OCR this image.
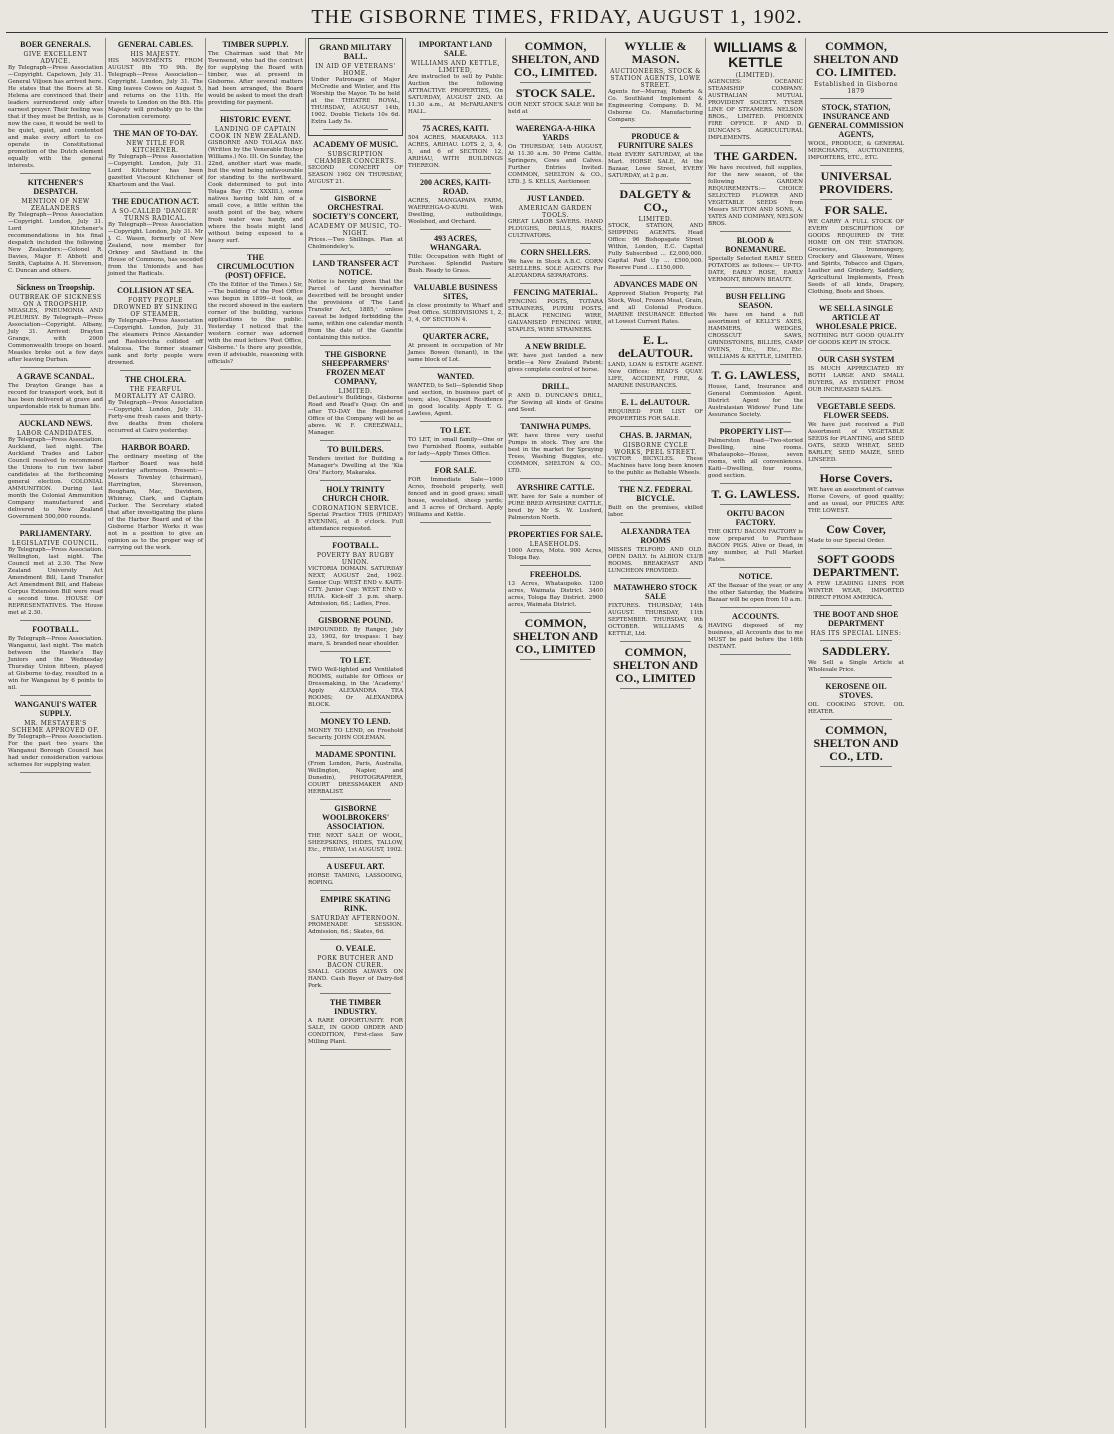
THE GISBORNE TIMES, FRIDAY, AUGUST 1, 1902.
BOER GENERALS.
GIVE EXCELLENT ADVICE.
By Telegraph—Press Association—Copyright. Capetown, July 31. General Viljoen has arrived here. He states that the Boers at St. Helena are convinced that their leaders surrendered only after earnest prayer. Their feeling was that if they must be British, as is now the case, it would be well to be quiet, quiet, and contented and make every effort to co-operate in Constitutional promotion of the Dutch element equally with the general interests.
KITCHENER'S DESPATCH.
MENTION OF NEW ZEALANDERS
By Telegraph—Press Association—Copyright. London, July 31. Lord Kitchener's recommendations in his final despatch included the following New Zealanders:—Colonel R. Davies, Major F. Abbott and Smith, Captains A. H. Stevenson, C. Duncan and others.
Sickness on Troopship.
OUTBREAK OF SICKNESS ON A TROOPSHIP.
MEASLES, PNEUMONIA AND PLEURISY. By Telegraph—Press Association—Copyright. Albany, July 31. Arrived: Drayton Grange, with 2000 Commonwealth troops on board. Measles broke out a few days after leaving Durban.
A GRAVE SCANDAL.
The Drayton Grange has a record for transport work, but it has been delivered at grave and unpardonable risk to human life.
AUCKLAND NEWS.
LABOR CANDIDATES.
By Telegraph—Press Association. Auckland, last night. The Auckland Trades and Labor Council resolved to recommend the Unions to run two labor candidates at the forthcoming general election. COLONIAL AMMUNITION. During last month the Colonial Ammunition Company manufactured and delivered to New Zealand Government 500,000 rounds.
PARLIAMENTARY.
LEGISLATIVE COUNCIL.
By Telegraph—Press Association. Wellington, last night. The Council met at 2.30. The New Zealand University Act Amendment Bill, Land Transfer Act Amendment Bill, and Habeas Corpus Extension Bill were read a second time. HOUSE OF REPRESENTATIVES. The House met at 2.30.
FOOTBALL.
By Telegraph—Press Association. Wanganui, last night. The match between the Hawke's Bay Juniors and the Wednesday Thursday Union fifteen, played at Gisborne to-day, resulted in a win for Wanganui by 6 points to nil.
WANGANUI'S WATER SUPPLY.
MR. MESTAYER'S SCHEME APPROVED OF.
By Telegraph—Press Association. For the past two years the Wanganui Borough Council has had under consideration various schemes for supplying water.
GENERAL CABLES.
HIS MAJESTY.
HIS MOVEMENTS FROM AUGUST 8th TO 9th. By Telegraph—Press Association—Copyright. London, July 31. The King leaves Cowes on August 5, and returns on the 11th. He travels to London on the 8th. His Majesty will probably go to the Coronation ceremony.
THE MAN OF TO-DAY.
NEW TITLE FOR KITCHENER.
By Telegraph—Press Association—Copyright. London, July 31. Lord Kitchener has been gazetted Viscount Kitchener of Khartoum and the Vaal.
THE EDUCATION ACT.
A SO-CALLED 'DANGER' TURNS RADICAL.
By Telegraph—Press Association—Copyright. London, July 31. Mr J. C. Wason, formerly of New Zealand, now member for Orkney and Shetland in the House of Commons, has seceded from the Unionists and has joined the Radicals.
COLLISION AT SEA.
FORTY PEOPLE DROWNED BY SINKING OF STEAMER.
By Telegraph—Press Association—Copyright. London, July 31. The steamers Prince Alexander and Rashiovicha collided off Malcesa. The former steamer sank and forty people were drowned.
THE CHOLERA.
THE FEARFUL MORTALITY AT CAIRO.
By Telegraph—Press Association—Copyright. London, July 31. Forty-one fresh cases and thirty-five deaths from cholera occurred at Cairo yesterday.
HARBOR BOARD.
The ordinary meeting of the Harbor Board was held yesterday afternoon. Present:—Messrs Townley (chairman), Harrington, Stevenson, Bougham, Mac, Davidson, Whinray, Clark, and Captain Tucker. The Secretary stated that after investigating the plans of the Harbor Board and of the Gisborne Harbor Works it was not in a position to give an opinion as to the proper way of carrying out the work.
TIMBER SUPPLY.
The Chairman said that Mr Townsend, who had the contract for supplying the Board with timber, was at present in Gisborne. After several matters had been arranged, the Board would be asked to meet the draft providing for payment.
HISTORIC EVENT.
LANDING OF CAPTAIN COOK IN NEW ZEALAND.
GISBORNE AND TOLAGA BAY. (Written by the Venerable Bishop Williams.) No. III. On Sunday, the 22nd, another start was made, but the wind being unfavourable for standing to the northward, Cook determined to put into Tolaga Bay (Tr. XXXIII.), some natives having told him of a small cove, a little within the south point of the bay, where fresh water was handy, and where the boats might land without being exposed to a heavy surf.
THE CIRCUMLOCUTION (POST) OFFICE.
(To the Editor of the Times.) Sir,—The building of the Post Office was begun in 1899—it took, as the record showed in the eastern corner of the building, various applications to the public. Yesterday I noticed that the western corner was adorned with the mud letters 'Post Office, Gisborne.' Is there any possible, even if advisable, reasoning with officials?
GRAND MILITARY BALL.
IN AID OF VETERANS' HOME.
Under Patronage of Major McCredie and Winter, and His Worship the Mayor. To be held at the THEATRE ROYAL, THURSDAY, AUGUST 14th, 1902. Double Tickets 10s 6d. Extra Lady 5s.
ACADEMY OF MUSIC.
SUBSCRIPTION CHAMBER CONCERTS.
SECOND CONCERT OF SEASON 1902 ON THURSDAY, AUGUST 21.
GISBORNE ORCHESTRAL SOCIETY'S CONCERT,
ACADEMY OF MUSIC, TO-NIGHT.
Prices.—Two Shillings. Plan at Cholmondeley's.
LAND TRANSFER ACT NOTICE.
Notice is hereby given that the Parcel of Land hereinafter described will be brought under the provisions of 'The Land Transfer Act, 1885,' unless caveat be lodged forbidding the same, within one calendar month from the date of the Gazette containing this notice.
THE GISBORNE SHEEPFARMERS' FROZEN MEAT COMPANY,
LIMITED.
DeLautour's Buildings, Gisborne Road and Read's Quay. On and after TO-DAY the Registered Office of the Company will be as above. W. F. CREEZWALL, Manager.
TO BUILDERS.
Tenders invited for Building a Manager's Dwelling at the 'Kia Ora' Factory, Makaraka.
HOLY TRINITY CHURCH CHOIR.
CORONATION SERVICE.
Special Practice THIS (FRIDAY) EVENING, at 8 o'clock. Full attendance requested.
FOOTBALL.
POVERTY BAY RUGBY UNION.
VICTORIA DOMAIN. SATURDAY NEXT, AUGUST 2nd, 1902. Senior Cup: WEST END v. KAITI-CITY. Junior Cup: WEST END v. HUIA. Kick-off 3 p.m. sharp. Admission, 6d.; Ladies, Free.
GISBORNE POUND.
IMPOUNDED. By Ranger, July 23, 1902, for trespass: 1 bay mare, S. branded near shoulder.
TO LET.
TWO Well-lighted and Ventilated ROOMS, suitable for Offices or Dressmaking, in the 'Academy.' Apply ALEXANDRA TEA ROOMS; Or ALEXANDRA BLOCK.
MONEY TO LEND.
MONEY TO LEND, on Freehold Security. JOHN COLEMAN.
MADAME SPONTINI.
(From London, Paris, Australia, Wellington, Napier, and Dunedin), PHOTOGRAPHER, COURT DRESSMAKER AND HERBALIST.
GISBORNE WOOLBROKERS' ASSOCIATION.
THE NEXT SALE OF WOOL, SHEEPSKINS, HIDES, TALLOW, Etc., FRIDAY, 1st AUGUST, 1902.
A USEFUL ART.
HORSE TAMING, LASSOOING, ROPING.
EMPIRE SKATING RINK.
SATURDAY AFTERNOON.
PROMENADE SESSION. Admission, 6d.; Skates, 6d.
O. VEALE.
PORK BUTCHER AND BACON CURER.
SMALL GOODS ALWAYS ON HAND. Cash Buyer of Dairy-fed Pork.
THE TIMBER INDUSTRY.
A RARE OPPORTUNITY. FOR SALE, IN GOOD ORDER AND CONDITION, First-class Saw Milling Plant.
IMPORTANT LAND SALE.
WILLIAMS AND KETTLE, LIMITED,
Are instructed to sell by Public Auction the following ATTRACTIVE PROPERTIES, On SATURDAY, AUGUST 2ND. At 11.30 a.m., At McFARLANE'S HALL.
75 ACRES, KAITI.
504 ACRES, MAKARAKA. 113 ACRES, ARIHAU. LOTS 2, 3, 4, 5, and 6 of SECTION 12, ARIHAU, WITH BUILDINGS THEREON.
200 ACRES, KAITI-ROAD.
ACRES, MANGAPAPA FARM, WAEREHGA-O-KURI. With Dwelling, outbuildings, Woolshed, and Orchard.
493 ACRES, WHANGARA.
Title: Occupation with Right of Purchase. Splendid Pasture Bush. Ready to Grass.
VALUABLE BUSINESS SITES,
In close proximity to Wharf and Post Office. SUBDIVISIONS 1, 2, 3, 4, OF SECTION 4.
QUARTER ACRE,
At present in occupation of Mr James Bowen (tenant), in the same block of Lot.
WANTED.
WANTED, to Sell—Splendid Shop and section, in business part of town; also, Cheapest Residence in good locality. Apply T. G. Lawless, Agent.
TO LET.
TO LET, in small family—One or two Furnished Rooms, suitable for lady—Apply Times Office.
FOR SALE.
FOR Immediate Sale—1000 Acres, freehold property, well fenced and in good grass; small house, woolshed, sheep yards; and 3 acres of Orchard. Apply Williams and Kettle.
COMMON, SHELTON, AND CO., LIMITED.
STOCK SALE.
OUR NEXT STOCK SALE Will be held at
WAERENGA-A-HIKA YARDS
On THURSDAY, 14th AUGUST, At 11.30 a.m. 50 Prime Cattle, Springers, Cows and Calves. Further Entries Invited. COMMON, SHELTON & CO., LTD. J. S. KELLS, Auctioneer.
JUST LANDED.
AMERICAN GARDEN TOOLS.
GREAT LABOR SAVERS. HAND PLOUGHS, DRILLS, RAKES, CULTIVATORS.
CORN SHELLERS.
We have in Stock A.B.C. CORN SHELLERS. SOLE AGENTS For ALEXANDRA SEPARATORS.
FENCING MATERIAL.
FENCING POSTS, TOTARA STRAINERS, PURIRI POSTS, BLACK FENCING WIRE, GALVANISED FENCING WIRE, STAPLES, WIRE STRAINERS.
A NEW BRIDLE.
WE have just landed a new bridle—a New Zealand Patent; gives complete control of horse.
DRILL.
P. AND D. DUNCAN'S DRILL, For Sowing all kinds of Grains and Seed.
TANIWHA PUMPS.
WE have three very useful Pumps in stock. They are the best in the market for Spraying Trees, Washing Buggies, etc. COMMON, SHELTON & CO., LTD.
AYRSHIRE CATTLE.
WE have for Sale a number of PURE BRED AYRSHIRE CATTLE, bred by Mr S. W. Lusford, Palmerston North.
PROPERTIES FOR SALE.
LEASEHOLDS.
1000 Acres, Motu. 900 Acres, Tologa Bay.
FREEHOLDS.
13 Acres, Whataupoko. 1200 acres, Waimata District. 3400 acres, Tologa Bay District. 2900 acres, Waimata District.
COMMON, SHELTON AND CO., LIMITED
WYLLIE & MASON.
AUCTIONEERS, STOCK & STATION AGENTS, LOWE STREET.
Agents for—Murray, Roberts & Co. Southland Implement & Engineering Company. D. M. Osborne Co. Manufacturing Company.
PRODUCE & FURNITURE SALES
Held EVERY SATURDAY, at the Mart. HORSE SALE, At the Bazaar, Lowe Street, EVERY SATURDAY, at 2 p.m.
DALGETY & CO.,
LIMITED.
STOCK, STATION, AND SHIPPING AGENTS. Head Office: 96 Bishopsgate Street Within, London, E.C. Capital Fully Subscribed ... £2,000,000. Capital Paid Up ... £500,000. Reserve Fund ... £150,000.
ADVANCES MADE ON
Approved Station Property, Fat Stock, Wool, Frozen Meat, Grain, and all Colonial Produce. MARINE INSURANCE Effected at Lowest Current Rates.
E. L. deLAUTOUR.
LAND, LOAN & ESTATE AGENT. New Offices: READ'S QUAY. LIFE, ACCIDENT, FIRE, & MARINE INSURANCES.
E. L. deLAUTOUR.
REQUIRED FOR LIST OF PROPERTIES FOR SALE.
CHAS. B. JARMAN,
GISBORNE CYCLE WORKS, PEEL STREET.
VICTOR BICYCLES. These Machines have long been known to the public as Reliable Wheels.
THE N.Z. FEDERAL BICYCLE.
Built on the premises, skilled labor.
ALEXANDRA TEA ROOMS
MISSES TELFORD AND OLD. OPEN DAILY. In ALBION CLUB ROOMS. BREAKFAST AND LUNCHEON PROVIDED.
MATAWHERO STOCK SALE
FIXTURES. THURSDAY, 14th AUGUST. THURSDAY, 11th SEPTEMBER. THURSDAY, 9th OCTOBER. WILLIAMS & KETTLE, Ltd.
COMMON, SHELTON AND CO., LIMITED
WILLIAMS & KETTLE
(LIMITED).
AGENCIES: OCEANIC STEAMSHIP COMPANY. AUSTRALIAN MUTUAL PROVIDENT SOCIETY. TYSER LINE OF STEAMERS. NELSON BROS., LIMITED. PHOENIX FIRE OFFICE. P. AND D. DUNCAN'S AGRICULTURAL IMPLEMENTS.
THE GARDEN.
We have received, full supplies, for the new season, of the following GARDEN REQUIREMENTS:— CHOICE SELECTED FLOWER AND VEGETABLE SEEDS from Messrs SUTTON AND SONS, A. YATES AND COMPANY, NELSON BROS.
BLOOD & BONEMANURE.
Specially Selected EARLY SEED POTATOES as follows:— UP-TO-DATE, EARLY ROSE, EARLY VERMONT, BROWN BEAUTY.
BUSH FELLING SEASON.
We have on hand a full assortment of KELLY'S AXES, HAMMERS, WEDGES, CROSSCUT SAWS, GRINDSTONES, BILLIES, CAMP OVENS, Etc., Etc., Etc. WILLIAMS & KETTLE, LIMITED.
T. G. LAWLESS,
House, Land, Insurance and General Commission Agent. District Agent for the Australasian Widows' Fund Life Assurance Society.
PROPERTY LIST—
Palmerston Road—Two-storied Dwelling, nine rooms. Whataupoko—House, seven rooms, with all conveniences. Kaiti—Dwelling, four rooms, good section.
T. G. LAWLESS.
OKITU BACON FACTORY.
THE OKITU BACON FACTORY is now prepared to Purchase BACON PIGS. Alive or Dead, in any number, at Full Market Rates.
NOTICE.
AT the Bazaar of the year, or any the other Saturday, the Madeira Bazaar will be open from 10 a.m.
ACCOUNTS.
HAVING disposed of my business, all Accounts due to me MUST be paid before the 16th INSTANT.
COMMON, SHELTON AND CO. LIMITED.
Established in Gisborne 1879
STOCK, STATION, INSURANCE AND GENERAL COMMISSION AGENTS,
WOOL, PRODUCE, & GENERAL MERCHANTS, AUCTIONEERS, IMPORTERS, ETC., ETC.
UNIVERSAL PROVIDERS.
FOR SALE.
WE CARRY A FULL STOCK OF EVERY DESCRIPTION OF GOODS REQUIRED IN THE HOME OR ON THE STATION. Groceries, Ironmongery, Crockery and Glassware, Wines and Spirits, Tobacco and Cigars, Leather and Grindery, Saddlery, Agricultural Implements, Fresh Seeds of all kinds, Drapery, Clothing, Boots and Shoes.
WE SELL A SINGLE ARTICLE AT WHOLESALE PRICE.
NOTHING BUT GOOD QUALITY OF GOODS KEPT IN STOCK.
OUR CASH SYSTEM
IS MUCH APPRECIATED BY BOTH LARGE AND SMALL BUYERS, AS EVIDENT FROM OUR INCREASED SALES.
VEGETABLE SEEDS. FLOWER SEEDS.
We have just received a Full Assortment of VEGETABLE SEEDS for PLANTING, and SEED OATS, SEED WHEAT, SEED BARLEY, SEED MAIZE, SEED LINSEED.
Horse Covers.
WE have an assortment of canvas Horse Covers, of good quality; and as usual, our PRICES ARE THE LOWEST.
Cow Cover,
Made to our Special Order.
SOFT GOODS DEPARTMENT.
A FEW LEADING LINES FOR WINTER WEAR, IMPORTED DIRECT FROM AMERICA.
THE BOOT AND SHOE DEPARTMENT
HAS ITS SPECIAL LINES:
SADDLERY.
We Sell a Single Article at Wholesale Price.
KEROSENE OIL STOVES.
OIL COOKING STOVE. OIL HEATER.
COMMON, SHELTON AND CO., LTD.
